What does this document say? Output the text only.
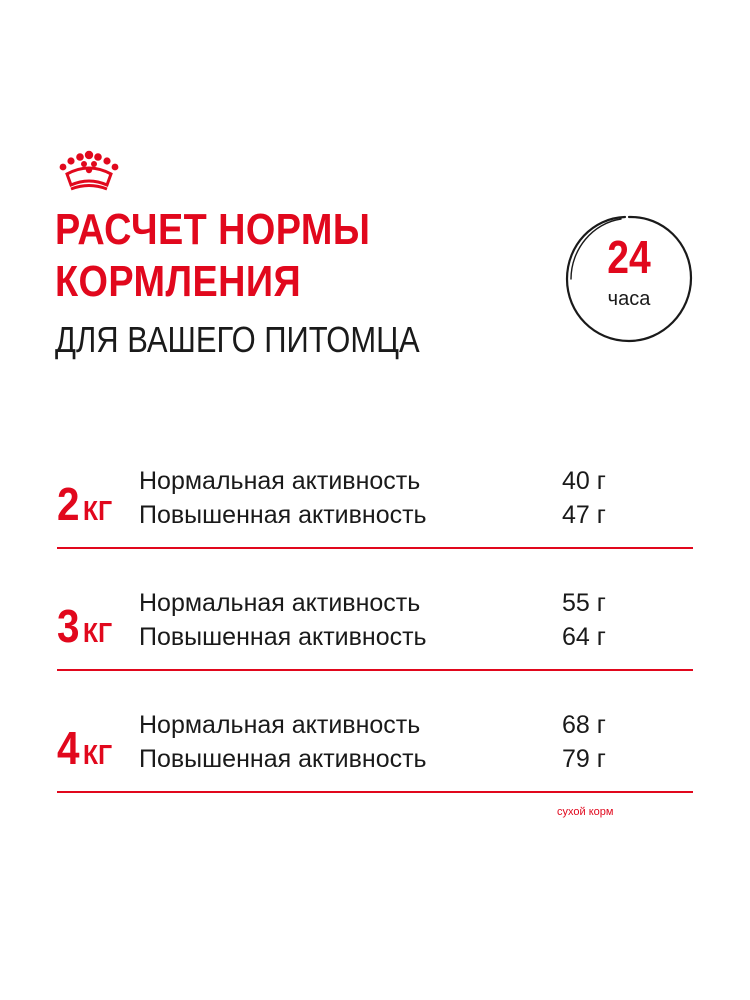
РАСЧЕТ НОРМЫ
КОРМЛЕНИЯ
ДЛЯ ВАШЕГО ПИТОМЦА
24
часа
2 КГ
Нормальная активность	40 г
Повышенная активность	47 г
3 КГ
Нормальная активность	55 г
Повышенная активность	64 г
4 КГ
Нормальная активность	68 г
Повышенная активность	79 г
сухой корм
